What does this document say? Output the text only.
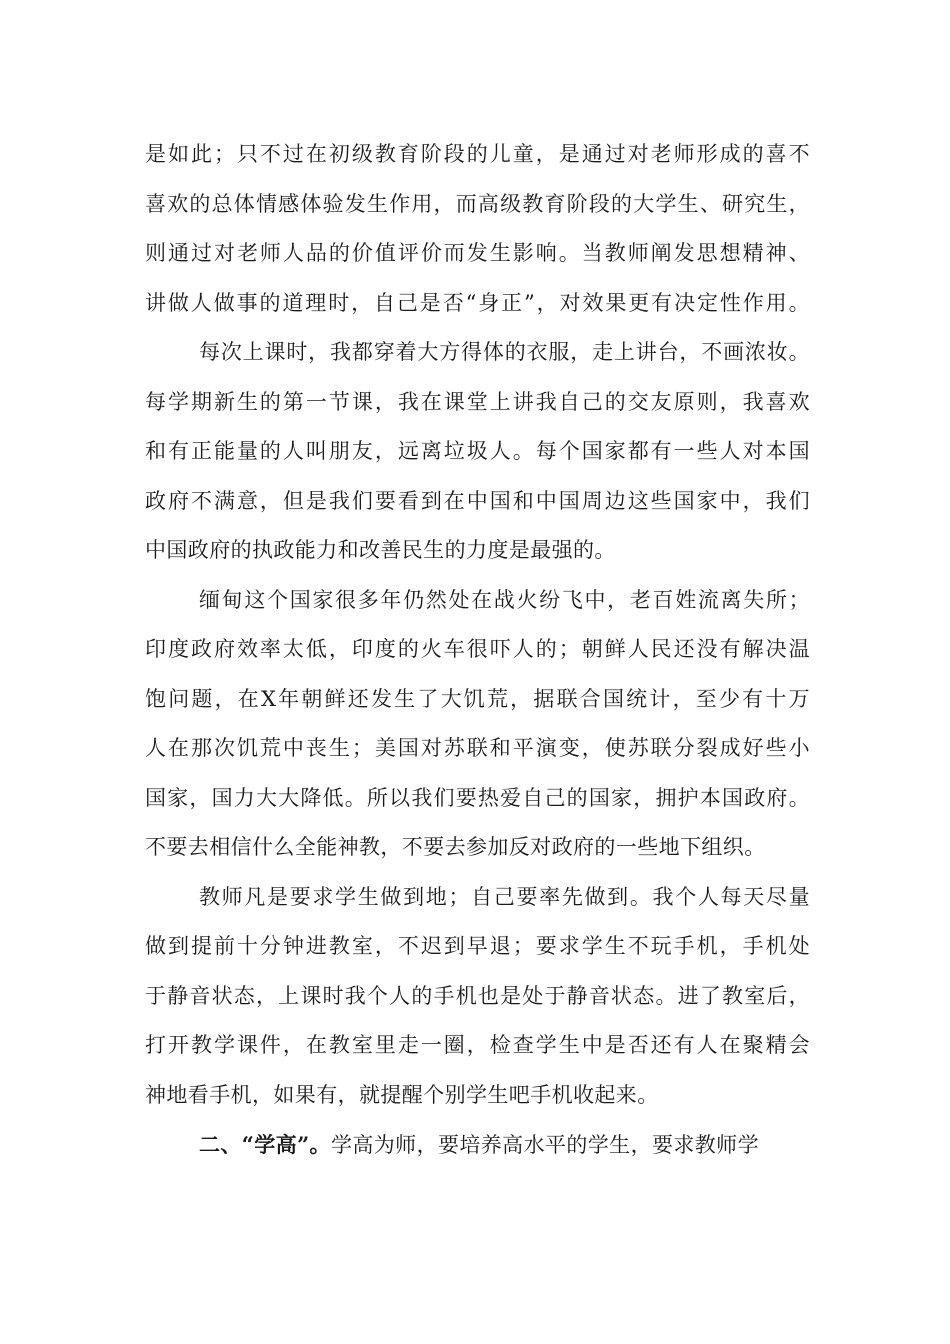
是如此；只不过在初级教育阶段的儿童，是通过对老师形成的喜不
喜欢的总体情感体验发生作用，而高级教育阶段的大学生、研究生，
则通过对老师人品的价值评价而发生影响。当教师阐发思想精神、
讲做人做事的道理时，自己是否“身正”，对效果更有决定性作用。
每次上课时，我都穿着大方得体的衣服，走上讲台，不画浓妆。
每学期新生的第一节课，我在课堂上讲我自己的交友原则，我喜欢
和有正能量的人叫朋友，远离垃圾人。每个国家都有一些人对本国
政府不满意，但是我们要看到在中国和中国周边这些国家中，我们
中国政府的执政能力和改善民生的力度是最强的。
缅甸这个国家很多年仍然处在战火纷飞中，老百姓流离失所；
印度政府效率太低，印度的火车很吓人的；朝鲜人民还没有解决温
饱问题，在X年朝鲜还发生了大饥荒，据联合国统计，至少有十万
人在那次饥荒中丧生；美国对苏联和平演变，使苏联分裂成好些小
国家，国力大大降低。所以我们要热爱自己的国家，拥护本国政府。
不要去相信什么全能神教，不要去参加反对政府的一些地下组织。
教师凡是要求学生做到地；自己要率先做到。我个人每天尽量
做到提前十分钟进教室，不迟到早退；要求学生不玩手机，手机处
于静音状态，上课时我个人的手机也是处于静音状态。进了教室后，
打开教学课件，在教室里走一圈，检查学生中是否还有人在聚精会
神地看手机，如果有，就提醒个别学生吧手机收起来。
二、“学高”。学高为师，要培养高水平的学生，要求教师学
